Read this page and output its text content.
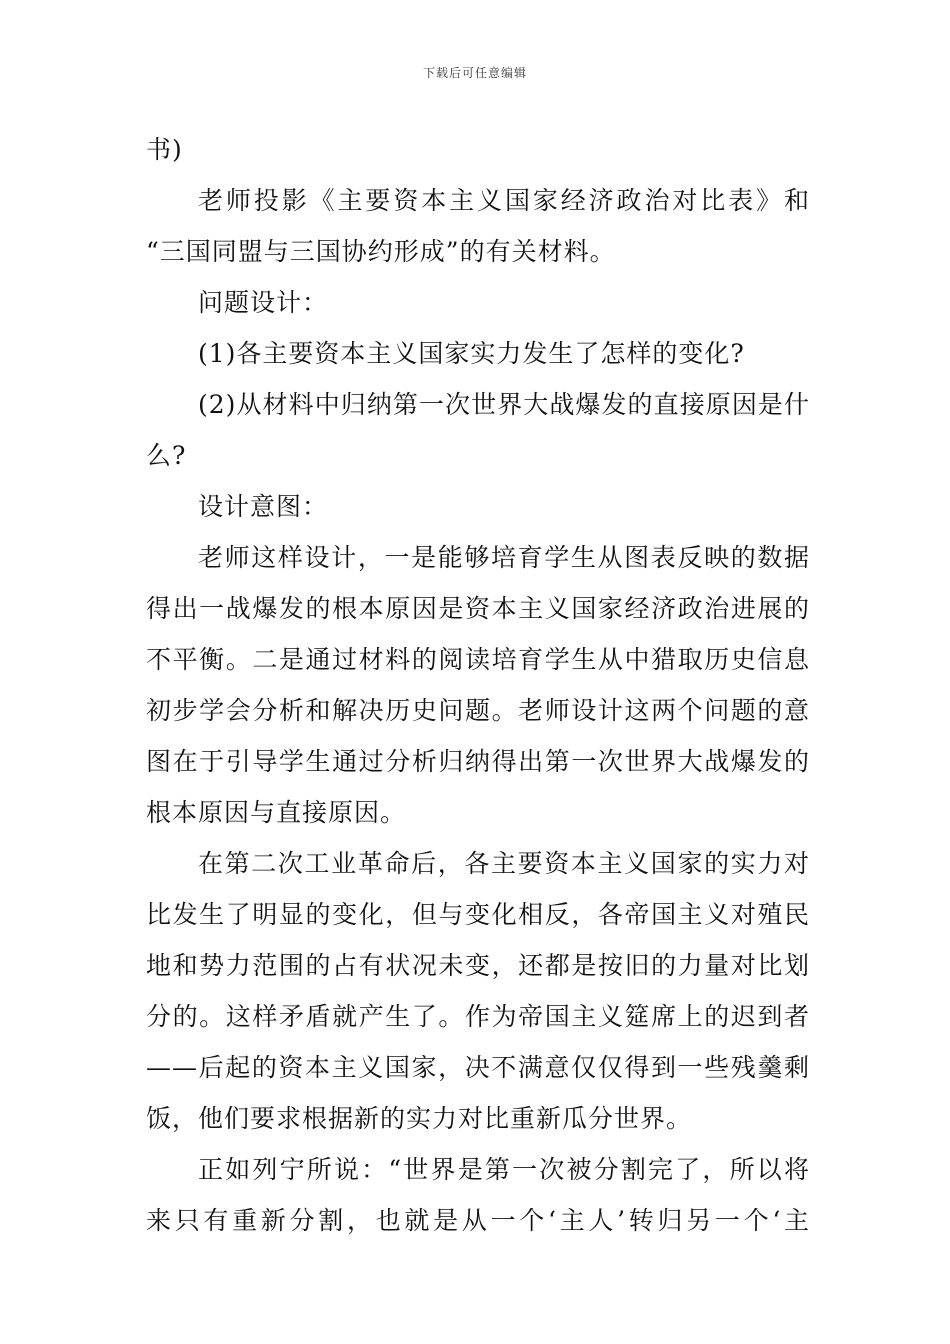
下载后可任意编辑
书)
老师投影《主要资本主义国家经济政治对比表》和
“三国同盟与三国协约形成”的有关材料。
问题设计：
(1)各主要资本主义国家实力发生了怎样的变化?
(2)从材料中归纳第一次世界大战爆发的直接原因是什
么?
设计意图：
老师这样设计，一是能够培育学生从图表反映的数据
得出一战爆发的根本原因是资本主义国家经济政治进展的
不平衡。二是通过材料的阅读培育学生从中猎取历史信息
初步学会分析和解决历史问题。老师设计这两个问题的意
图在于引导学生通过分析归纳得出第一次世界大战爆发的
根本原因与直接原因。
在第二次工业革命后，各主要资本主义国家的实力对
比发生了明显的变化，但与变化相反，各帝国主义对殖民
地和势力范围的占有状况未变，还都是按旧的力量对比划
分的。这样矛盾就产生了。作为帝国主义筵席上的迟到者
——后起的资本主义国家，决不满意仅仅得到一些残羹剩
饭，他们要求根据新的实力对比重新瓜分世界。
正如列宁所说：“世界是第一次被分割完了，所以将
来只有重新分割，也就是从一个‘主人’转归另一个‘主
